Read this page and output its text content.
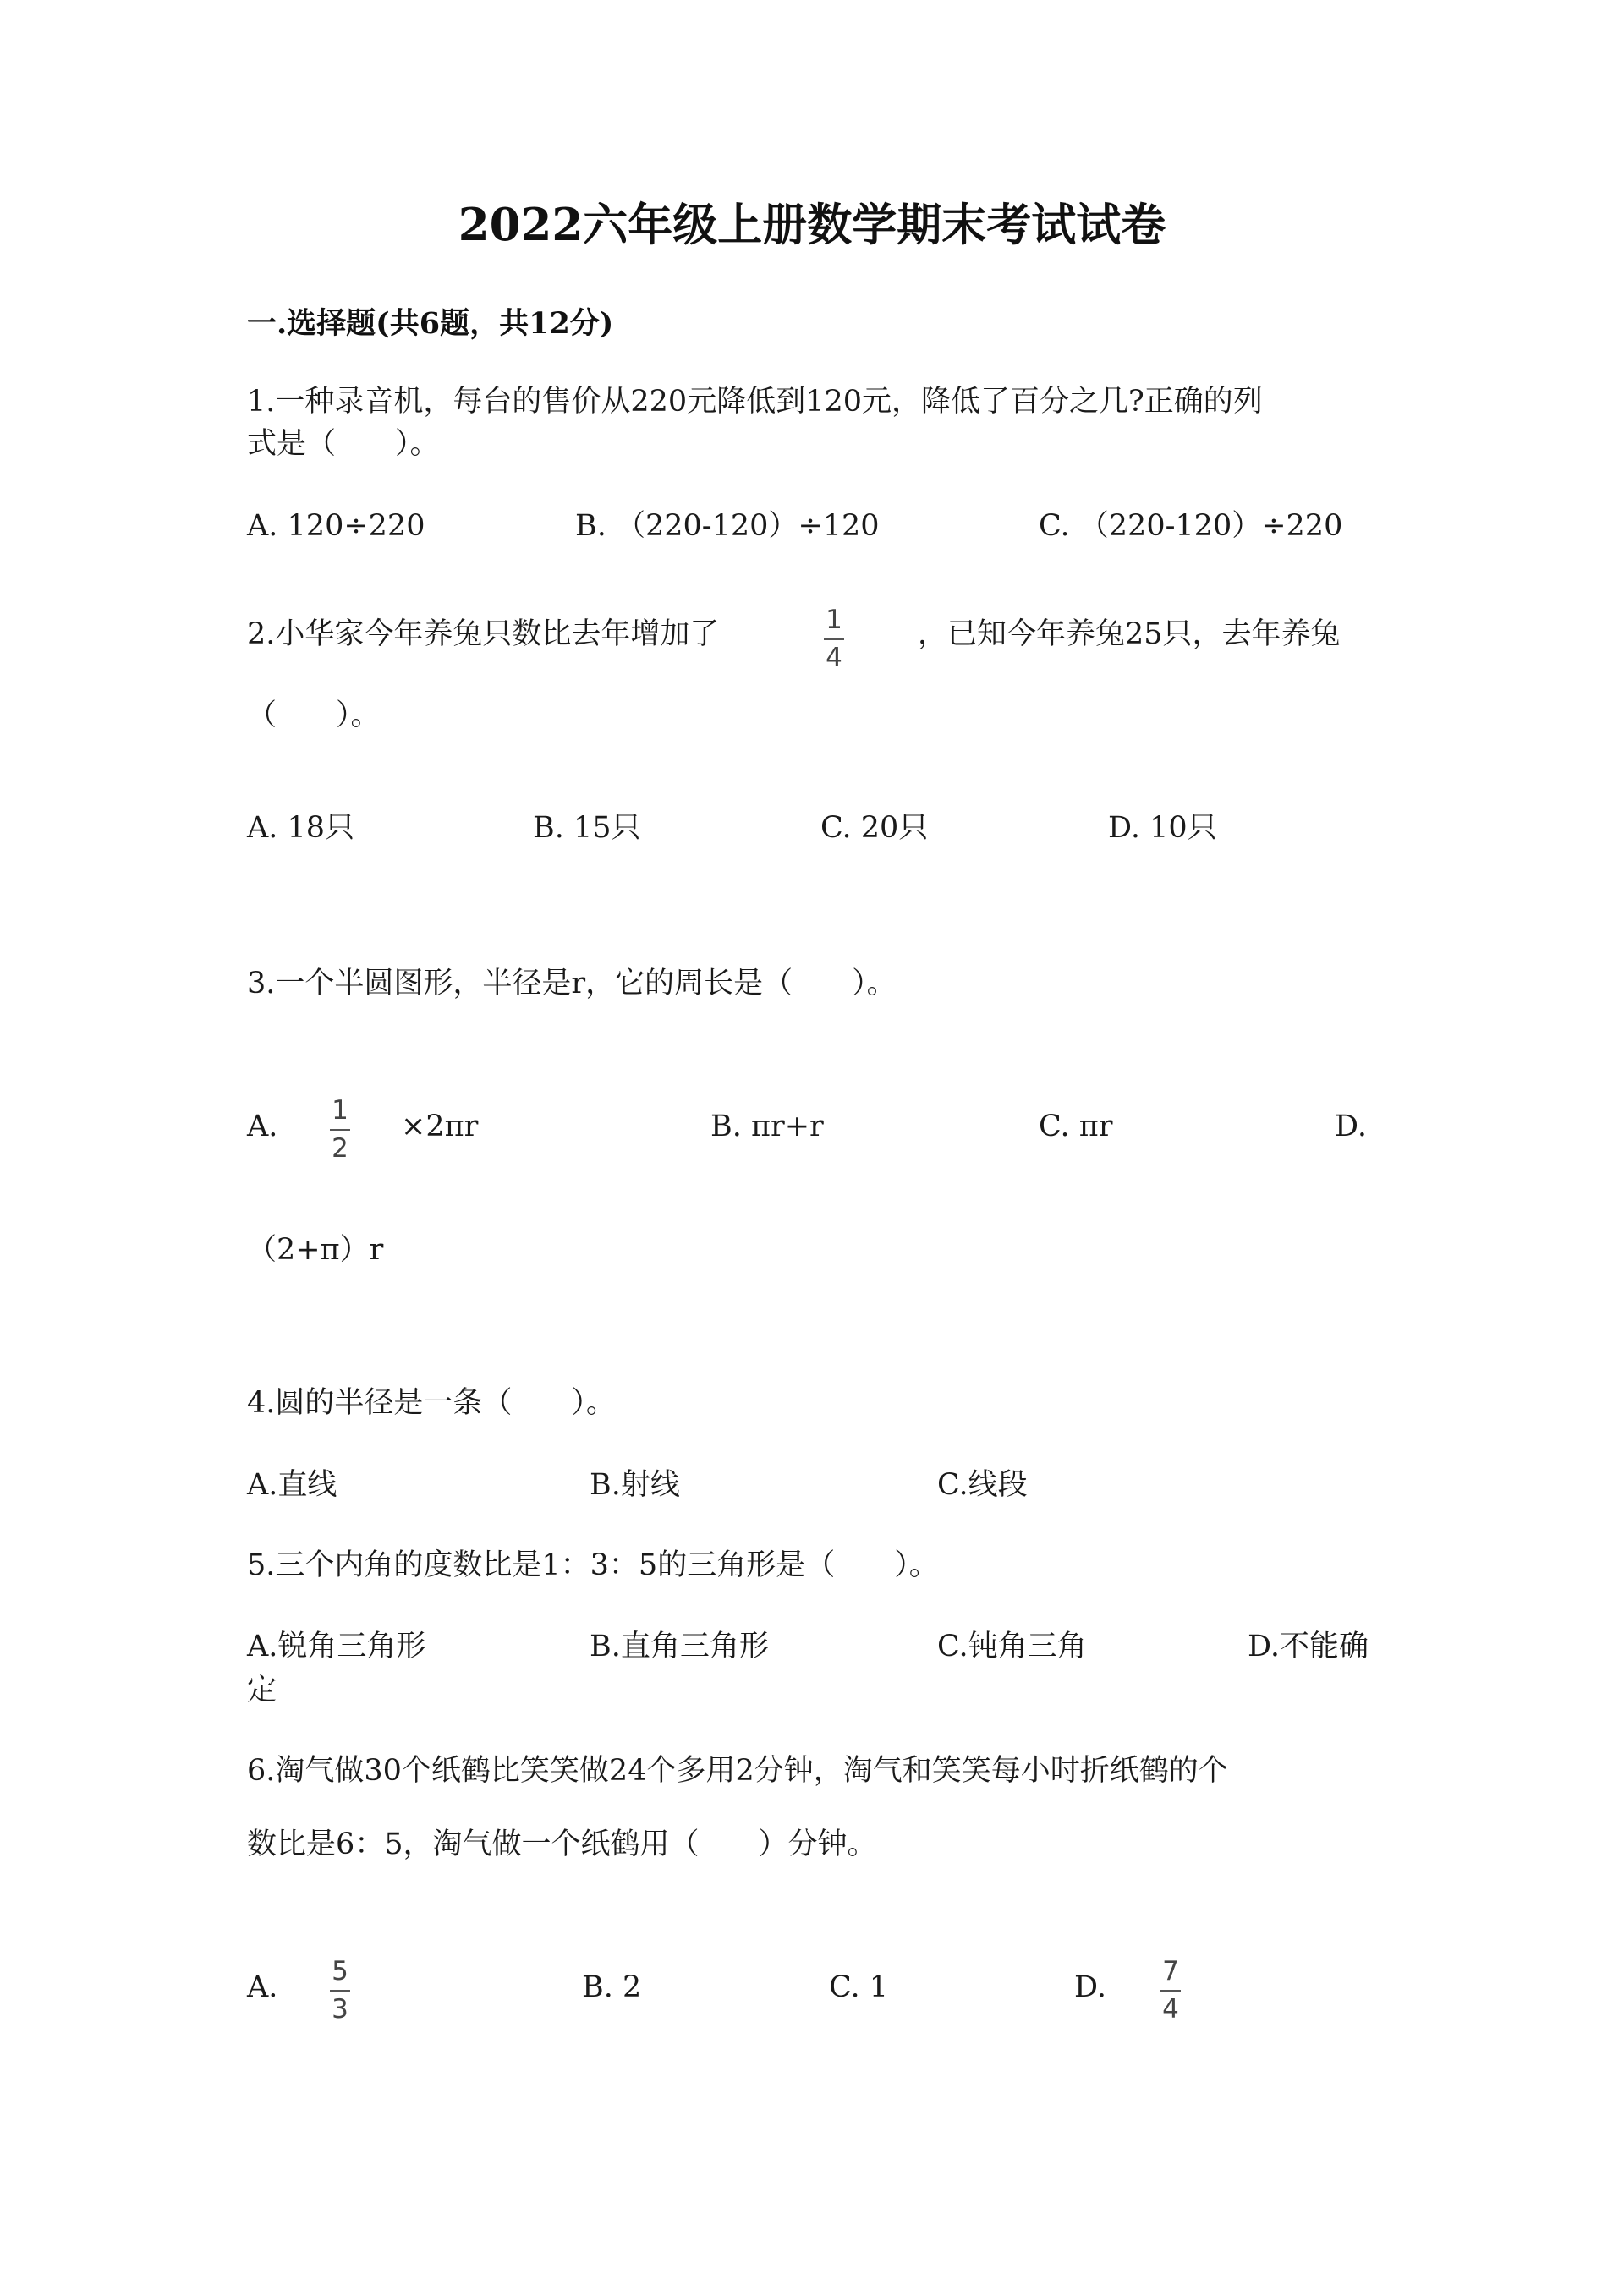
2022六年级上册数学期末考试试卷
一.选择题(共6题，共12分)
1.一种录音机，每台的售价从220元降低到120元，降低了百分之几?正确的列
式是（　　）。
A. 120÷220	B. （220-120）÷120	C. （220-120）÷220
2.小华家今年养兔只数比去年增加了	1
4
，已知今年养兔25只，去年养兔
（　　）。
A. 18只	B. 15只	C. 20只	D. 10只
3.一个半圆图形，半径是r，它的周长是（　　）。
A. 1
2
×2πr	B. πr+r	C. πr	D.
（2+π）r
4.圆的半径是一条（　　）。
A.直线	B.射线	C.线段
5.三个内角的度数比是1：3：5的三角形是（　　）。
A.锐角三角形	B.直角三角形	C.钝角三角	D.不能确
定
6.淘气做30个纸鹤比笑笑做24个多用2分钟，淘气和笑笑每小时折纸鹤的个
数比是6：5，淘气做一个纸鹤用（　　）分钟。
A. 5
3
B. 2	C. 1	D. 7
4
